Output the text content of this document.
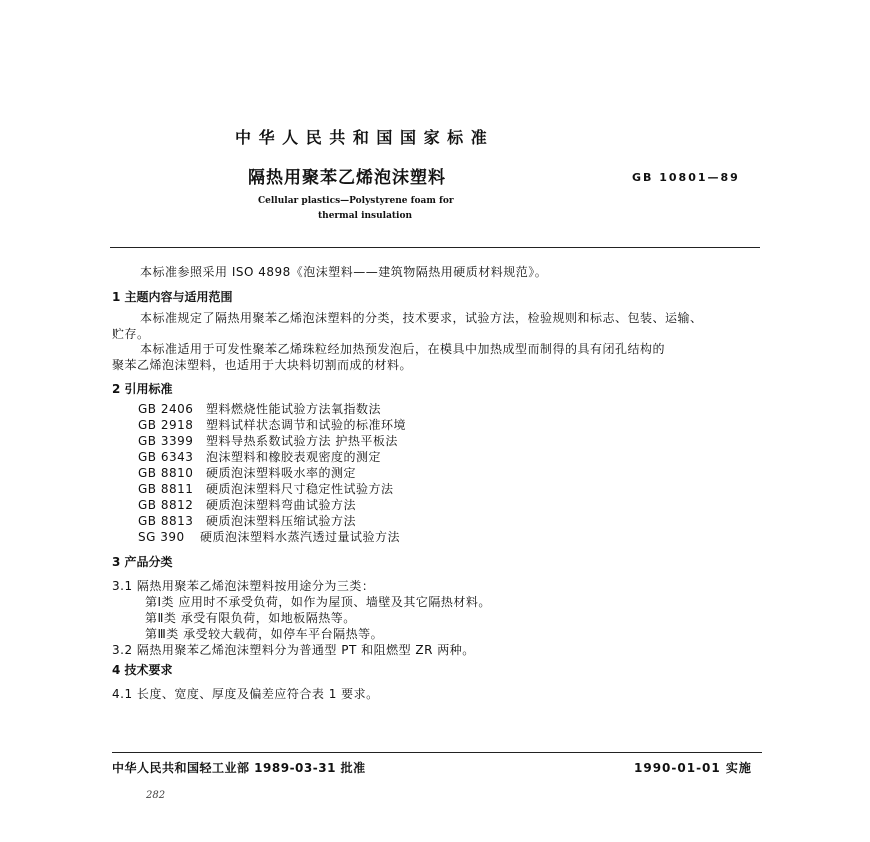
中 华 人 民 共 和 国 国 家 标 准
隔热用聚苯乙烯泡沫塑料	GB 10801—89
Cellular plastics—Polystyrene foam for
thermal insulation
本标准参照采用 ISO 4898《泡沫塑料——建筑物隔热用硬质材料规范》。
1 主题内容与适用范围
本标准规定了隔热用聚苯乙烯泡沫塑料的分类，技术要求，试验方法，检验规则和标志、包装、运输、
贮存。
本标准适用于可发性聚苯乙烯珠粒经加热预发泡后，在模具中加热成型而制得的具有闭孔结构的
聚苯乙烯泡沫塑料，也适用于大块料切割而成的材料。
2 引用标准
GB 2406 塑料燃烧性能试验方法氧指数法
GB 2918 塑料试样状态调节和试验的标准环境
GB 3399 塑料导热系数试验方法 护热平板法
GB 6343 泡沫塑料和橡胶表观密度的测定
GB 8810 硬质泡沫塑料吸水率的测定
GB 8811 硬质泡沫塑料尺寸稳定性试验方法
GB 8812 硬质泡沫塑料弯曲试验方法
GB 8813 硬质泡沫塑料压缩试验方法
SG 390 硬质泡沫塑料水蒸汽透过量试验方法
3 产品分类
3.1 隔热用聚苯乙烯泡沫塑料按用途分为三类：
第Ⅰ类 应用时不承受负荷，如作为屋顶、墙壁及其它隔热材料。
第Ⅱ类 承受有限负荷，如地板隔热等。
第Ⅲ类 承受较大载荷，如停车平台隔热等。
3.2 隔热用聚苯乙烯泡沫塑料分为普通型 PT 和阻燃型 ZR 两种。
4 技术要求
4.1 长度、宽度、厚度及偏差应符合表 1 要求。
中华人民共和国轻工业部 1989-03-31 批准	1990-01-01 实施
282
